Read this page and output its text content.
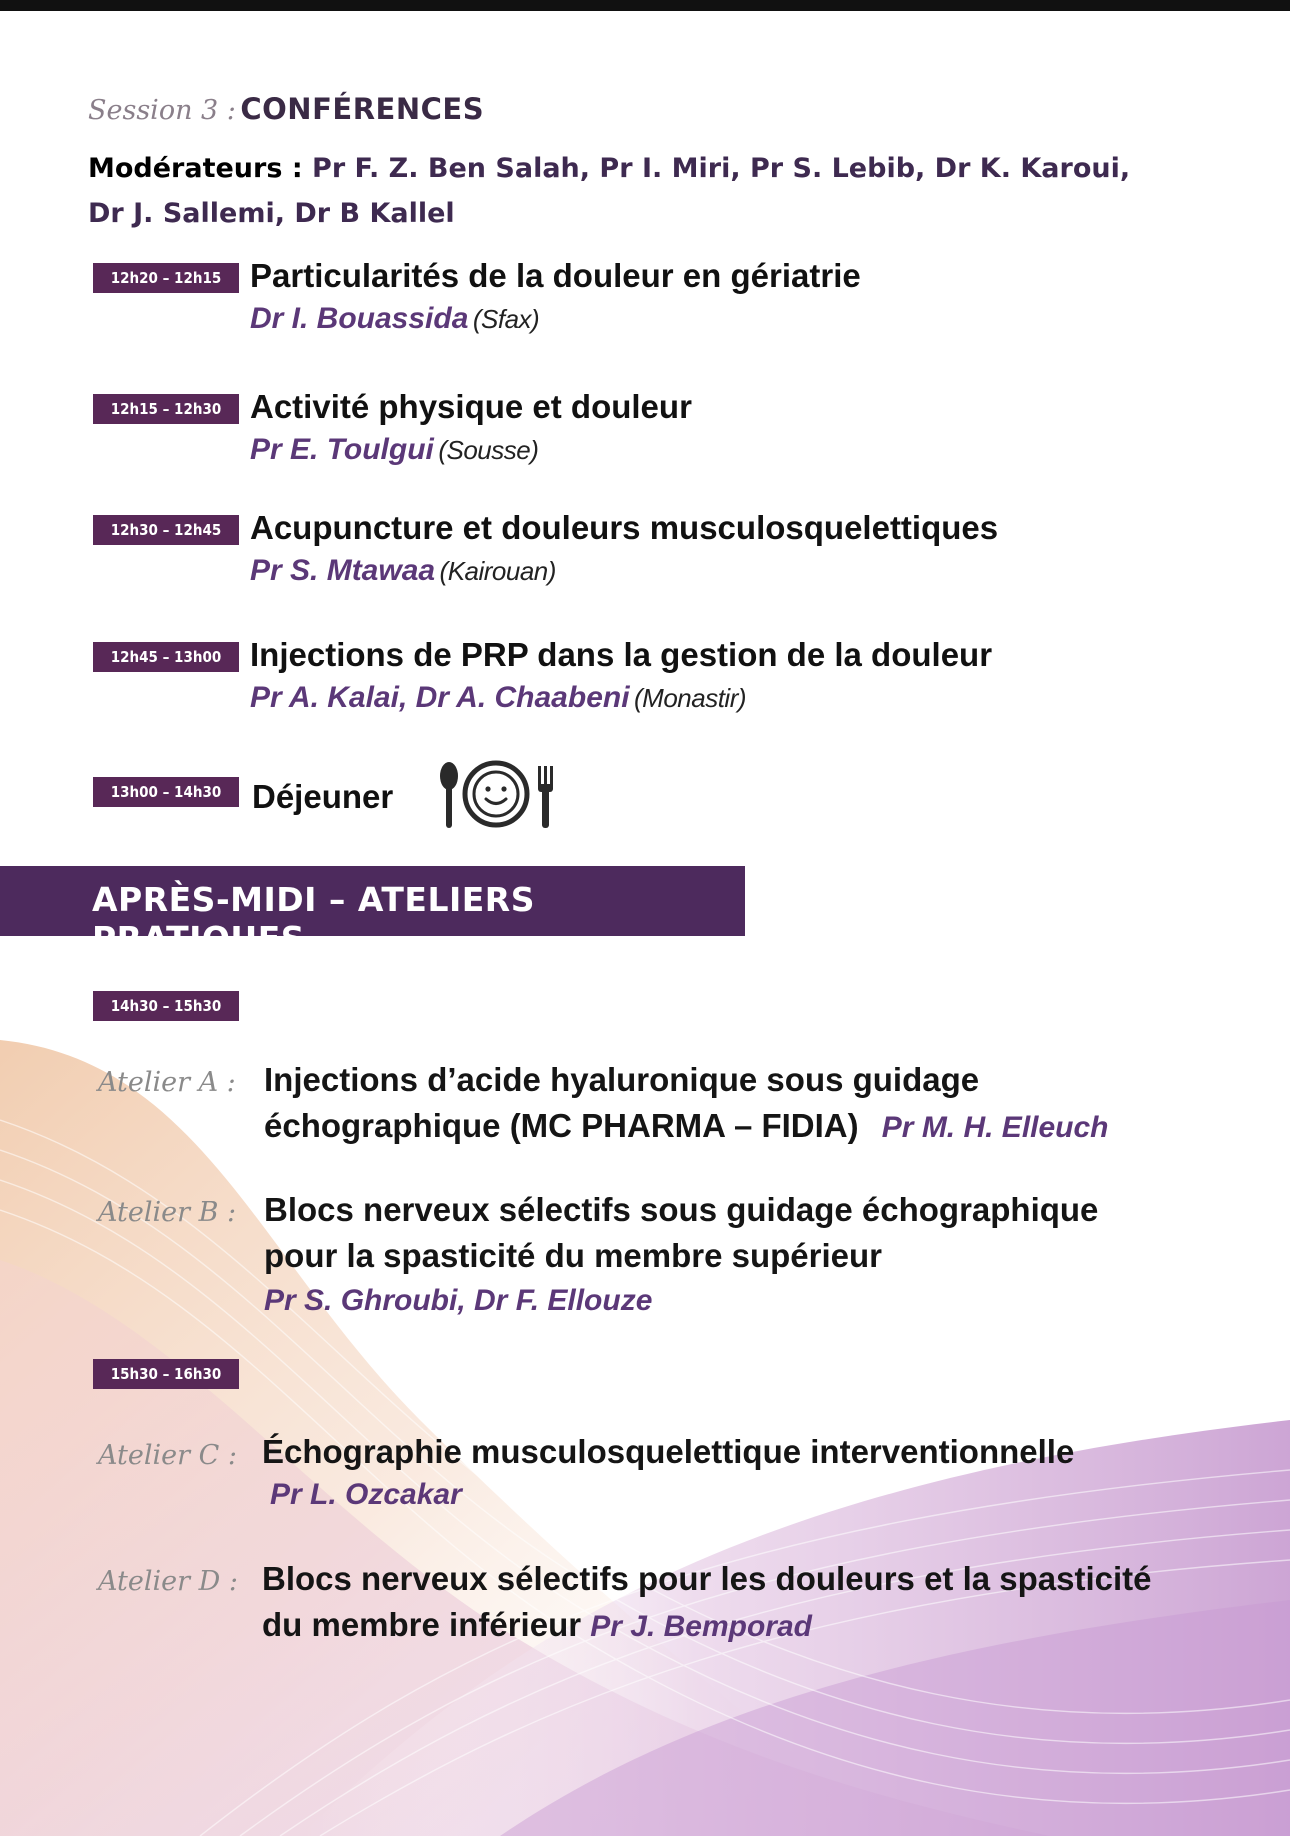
Session 3 : CONFÉRENCES
Modérateurs : Pr F. Z. Ben Salah, Pr I. Miri, Pr S. Lebib, Dr K. Karoui,
Dr J. Sallemi, Dr B Kallel
12h20 – 12h15 Particularités de la douleur en gériatrie
Dr I. Bouassida (Sfax)
12h15 – 12h30 Activité physique et douleur
Pr E. Toulgui (Sousse)
12h30 – 12h45 Acupuncture et douleurs musculosquelettiques
Pr S. Mtawaa (Kairouan)
12h45 – 13h00 Injections de PRP dans la gestion de la douleur
Pr A. Kalai, Dr A. Chaabeni (Monastir)
13h00 – 14h30 Déjeuner
APRÈS-MIDI – ATELIERS PRATIQUES
14h30 – 15h30
Atelier A : Injections d’acide hyaluronique sous guidage
échographique (MC PHARMA – FIDIA) Pr M. H. Elleuch
Atelier B : Blocs nerveux sélectifs sous guidage échographique
pour la spasticité du membre supérieur
Pr S. Ghroubi, Dr F. Ellouze
15h30 – 16h30
Atelier C : Échographie musculosquelettique interventionnelle
Pr L. Ozcakar
Atelier D : Blocs nerveux sélectifs pour les douleurs et la spasticité
du membre inférieur Pr J. Bemporad
